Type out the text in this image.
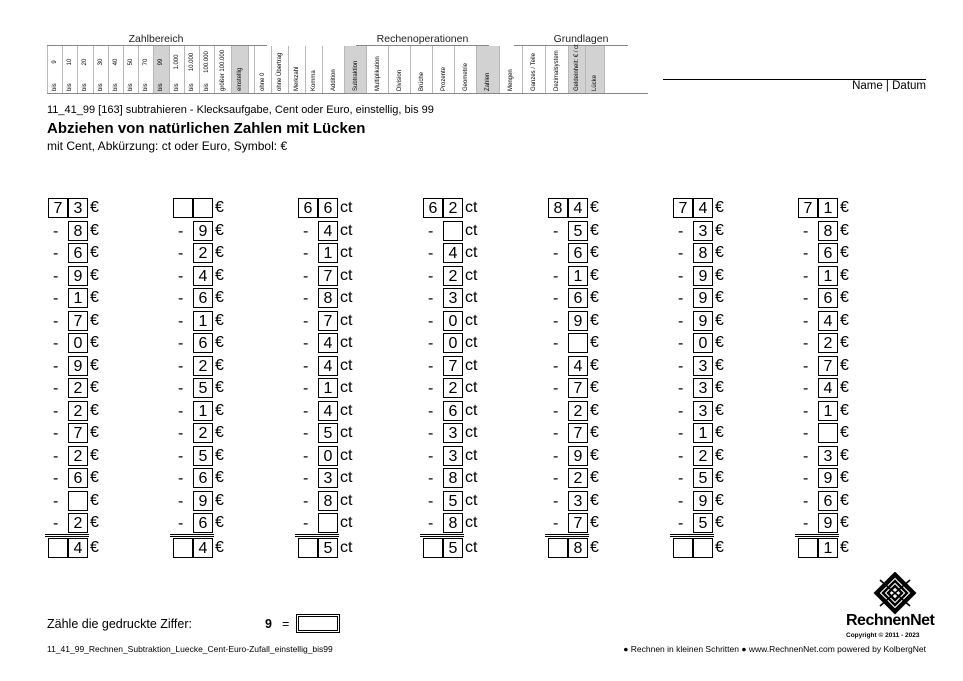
Zahlbereich	Rechenoperationen	Grundlagen
9
bis
10
bis
20
bis
30
bis
40
bis
50
bis
70
bis
99
bis
1.000
bis
10.000
bis
100.000
bis größer 100.000 einstellig	ohne 0 ohne Übertrag Merkzahl Komma Addition	Subtraktion	Multiplikation	Division	Brüche	Prozente	Geometrie	Zahlen	Mengen	Ganzes / Teile	Dezimalsystem Geldeinheit: € / ct Lücke	Name | Datum
11_41_99 [163] subtrahieren - Klecksaufgabe, Cent oder Euro, einstellig, bis 99
Abziehen von natürlichen Zahlen mit Lücken
mit Cent, Abkürzung: ct oder Euro, Symbol: €
7 3 €
- 8 €
- 6 €
- 9 €
- 1 €
- 7 €
- 0 €
- 9 €
- 2 €
- 2 €
- 7 €
- 2 €
- 6 €
- €
- 2 €
4 €
€
- 9 €
- 2 €
- 4 €
- 6 €
- 1 €
- 6 €
- 2 €
- 5 €
- 1 €
- 2 €
- 5 €
- 6 €
- 9 €
- 6 €
4 €
6 6 ct
- 4 ct
- 1 ct
- 7 ct
- 8 ct
- 7 ct
- 4 ct
- 4 ct
- 1 ct
- 4 ct
- 5 ct
- 0 ct
- 3 ct
- 8 ct
- ct
5 ct
6 2 ct
- ct
- 4 ct
- 2 ct
- 3 ct
- 0 ct
- 0 ct
- 7 ct
- 2 ct
- 6 ct
- 3 ct
- 3 ct
- 8 ct
- 5 ct
- 8 ct
5 ct
8 4 €
- 5 €
- 6 €
- 1 €
- 6 €
- 9 €
- €
- 4 €
- 7 €
- 2 €
- 7 €
- 9 €
- 2 €
- 3 €
- 7 €
8 €
7 4 €
- 3 €
- 8 €
- 9 €
- 9 €
- 9 €
- 0 €
- 3 €
- 3 €
- 3 €
- 1 €
- 2 €
- 5 €
- 9 €
- 5 €
€
7 1 €
- 8 €
- 6 €
- 1 €
- 6 €
- 4 €
- 2 €
- 7 €
- 4 €
- 1 €
- €
- 3 €
- 9 €
- 6 €
- 9 €
1 €
Zähle die gedruckte Ziffer:	9 =
11_41_99_Rechnen_Subtraktion_Luecke_Cent-Euro-Zufall_einstellig_bis99	● Rechnen in kleinen Schritten ● www.RechnenNet.com powered by KolbergNet
RechnenNet
Copyright © 2011 - 2023
